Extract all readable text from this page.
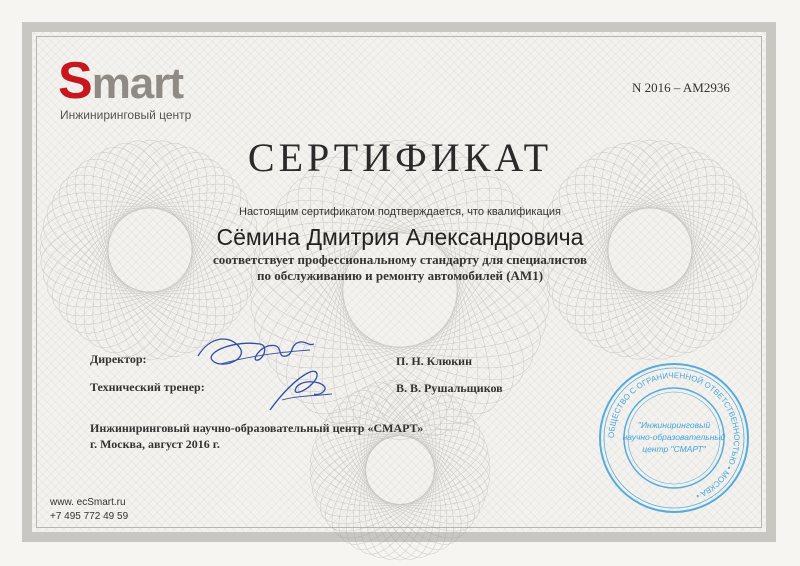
Smart
Инжиниринговый центр
N 2016 – AM2936
СЕРТИФИКАТ
Настоящим сертификатом подтверждается, что квалификация
Сёмина Дмитрия Александровича
соответствует профессиональному стандарту для специалистов
по обслуживанию и ремонту автомобилей (AM1)
Директор:	П. Н. Клюкин
Технический тренер:	В. В. Рушальщиков
Инжиниринговый научно-образовательный центр «СМАРТ»
г. Москва, август 2016 г.
ОБЩЕСТВО С ОГРАНИЧЕННОЙ ОТВЕТСТВЕННОСТЬЮ • МОСКВА •
"Инжиниринговый
научно-образовательный
центр "СМАРТ"
www. ecSmart.ru
+7 495 772 49 59
